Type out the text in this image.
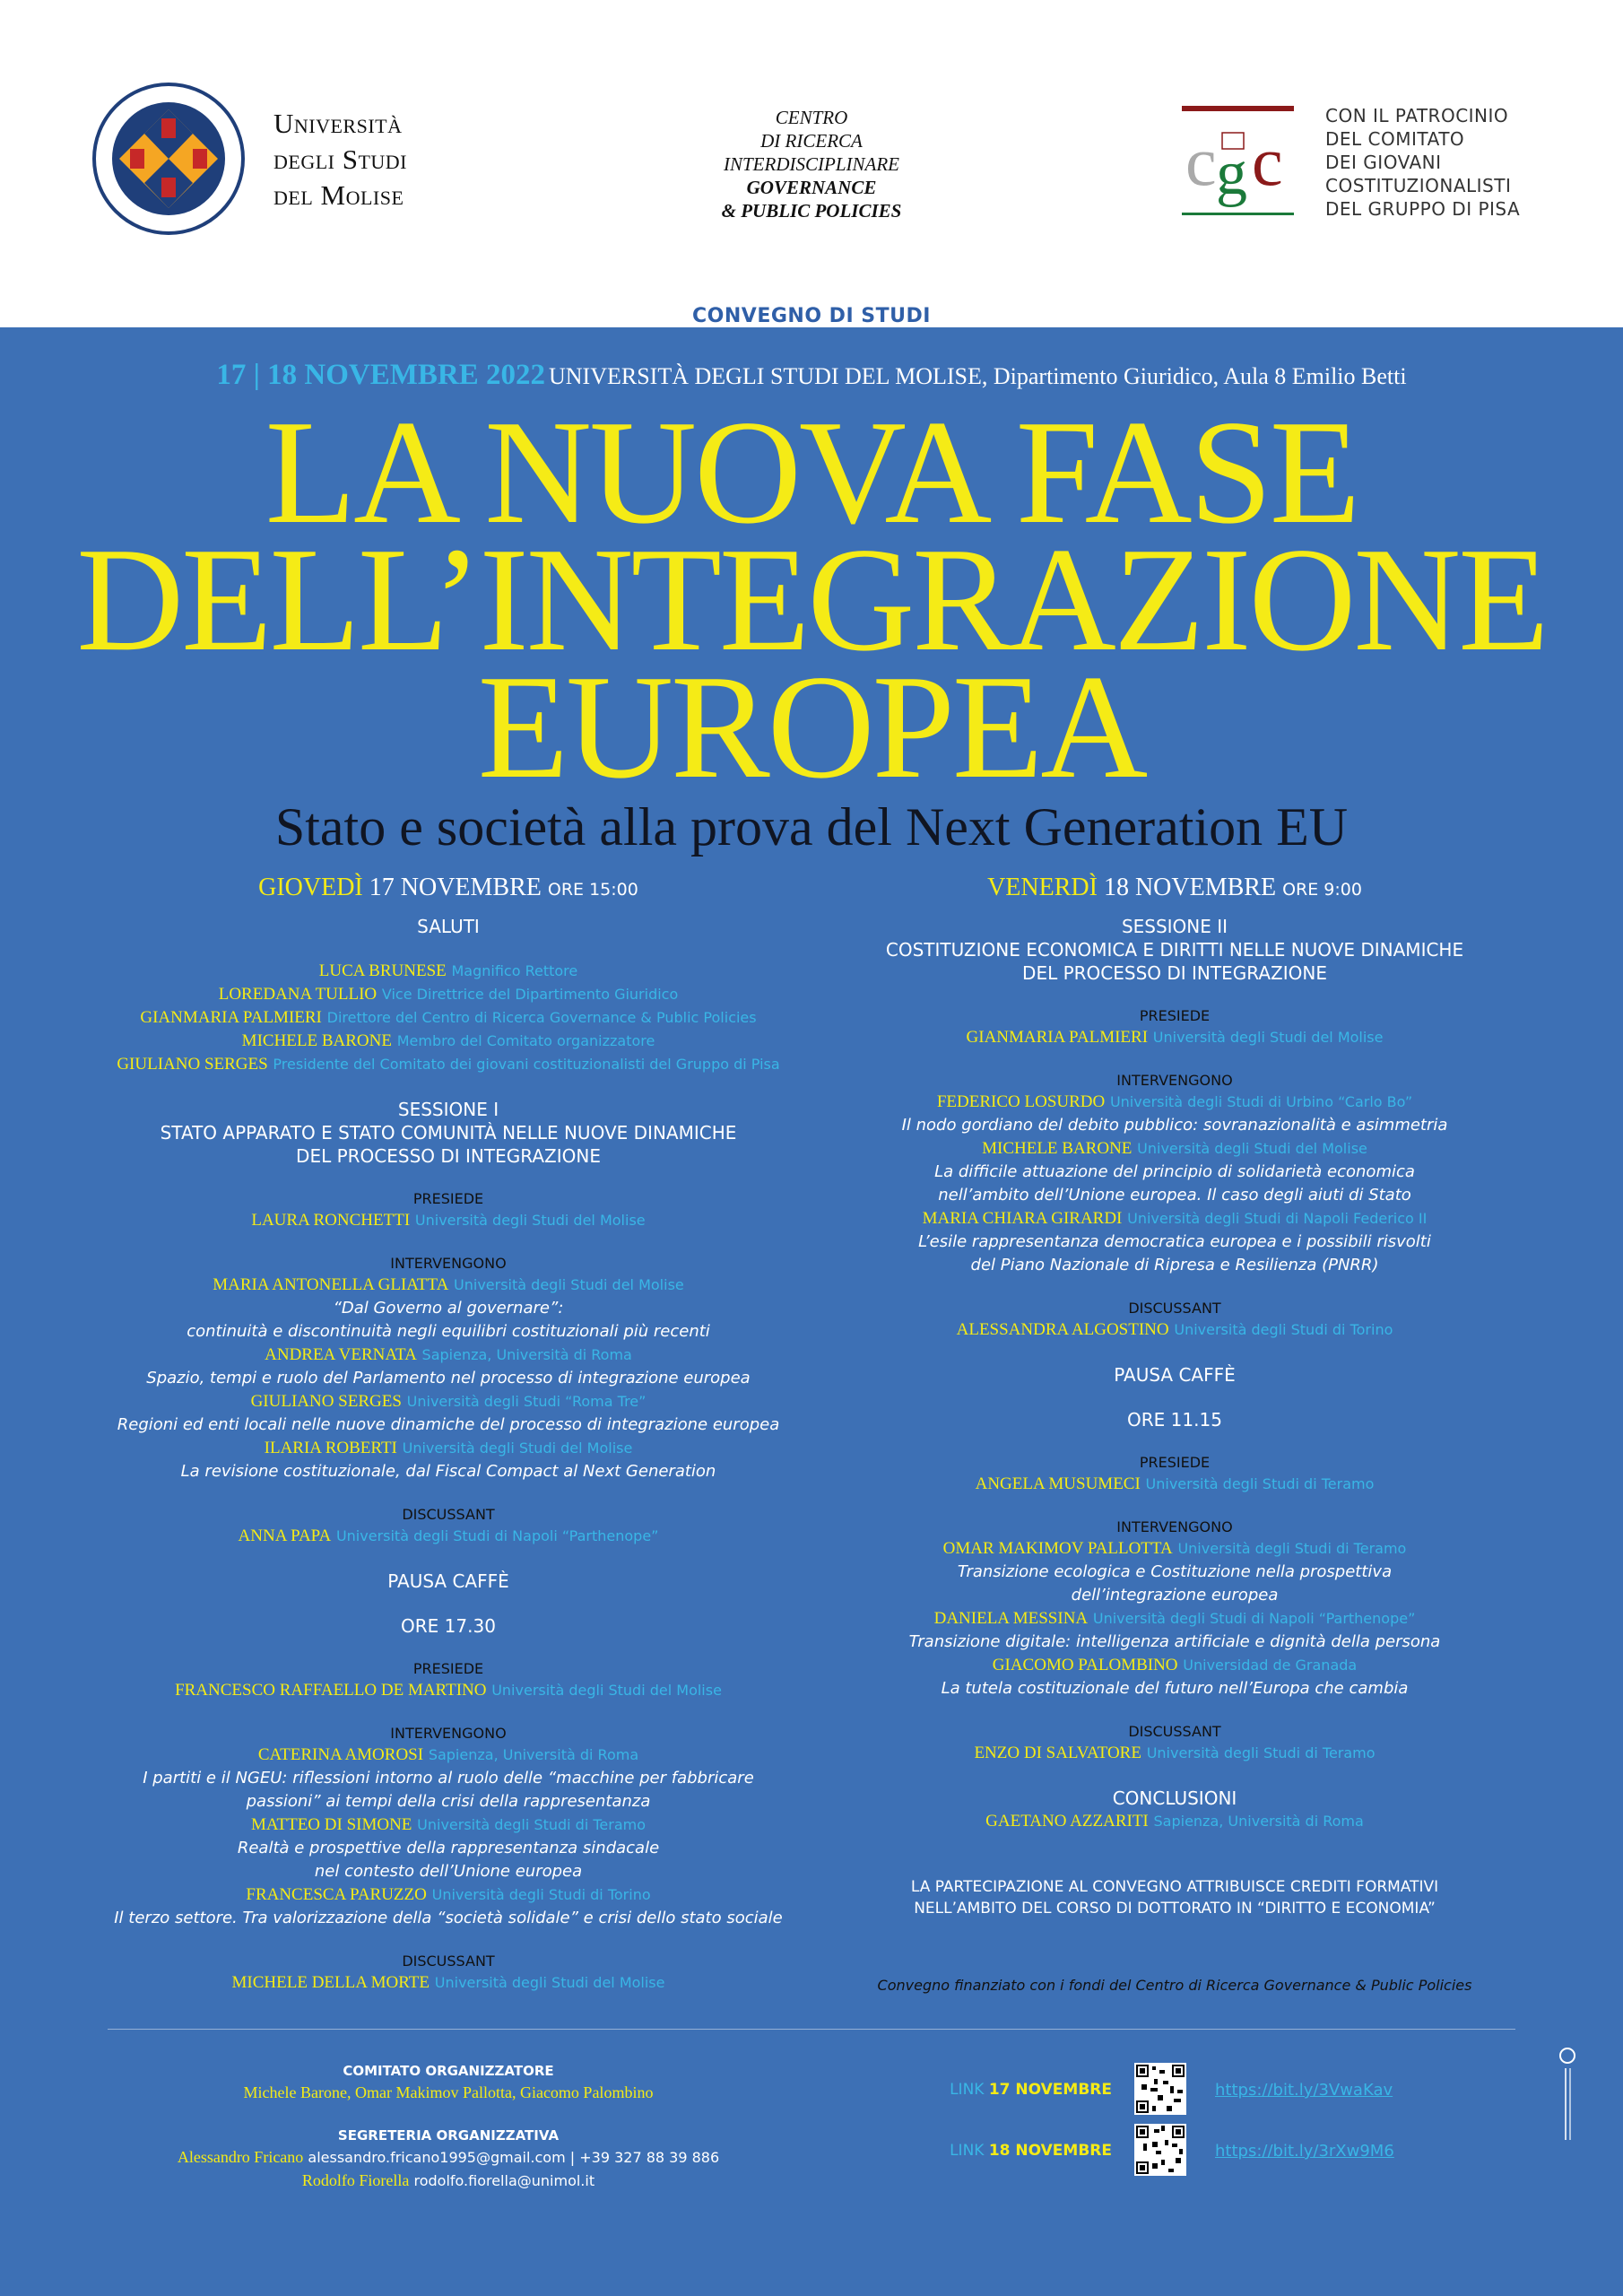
Università
degli Studi
del Molise
CENTRO
DI RICERCA
INTERDISCIPLINARE
GOVERNANCE
& PUBLIC POLICIES
c g c
CON IL PATROCINIO
DEL COMITATO
DEI GIOVANI
COSTITUZIONALISTI
DEL GRUPPO DI PISA
CONVEGNO DI STUDI
17 | 18 NOVEMBRE 2022 UNIVERSITÀ DEGLI STUDI DEL MOLISE, Dipartimento Giuridico, Aula 8 Emilio Betti
LA NUOVA FASE
DELL’INTEGRAZIONE
EUROPEA
Stato e società alla prova del Next Generation EU
GIOVEDÌ 17 NOVEMBRE ORE 15:00
SALUTI
LUCA BRUNESE Magnifico Rettore
LOREDANA TULLIO Vice Direttrice del Dipartimento Giuridico
GIANMARIA PALMIERI Direttore del Centro di Ricerca Governance & Public Policies
MICHELE BARONE Membro del Comitato organizzatore
GIULIANO SERGES Presidente del Comitato dei giovani costituzionalisti del Gruppo di Pisa
SESSIONE I
STATO APPARATO E STATO COMUNITÀ NELLE NUOVE DINAMICHE
DEL PROCESSO DI INTEGRAZIONE
PRESIEDE
LAURA RONCHETTI Università degli Studi del Molise
INTERVENGONO
MARIA ANTONELLA GLIATTA Università degli Studi del Molise
“Dal Governo al governare”:
continuità e discontinuità negli equilibri costituzionali più recenti
ANDREA VERNATA Sapienza, Università di Roma
Spazio, tempi e ruolo del Parlamento nel processo di integrazione europea
GIULIANO SERGES Università degli Studi “Roma Tre”
Regioni ed enti locali nelle nuove dinamiche del processo di integrazione europea
ILARIA ROBERTI Università degli Studi del Molise
La revisione costituzionale, dal Fiscal Compact al Next Generation
DISCUSSANT
ANNA PAPA Università degli Studi di Napoli “Parthenope”
PAUSA CAFFÈ
ORE 17.30
PRESIEDE
FRANCESCO RAFFAELLO DE MARTINO Università degli Studi del Molise
INTERVENGONO
CATERINA AMOROSI Sapienza, Università di Roma
I partiti e il NGEU: riflessioni intorno al ruolo delle “macchine per fabbricare
passioni” ai tempi della crisi della rappresentanza
MATTEO DI SIMONE Università degli Studi di Teramo
Realtà e prospettive della rappresentanza sindacale
nel contesto dell’Unione europea
FRANCESCA PARUZZO Università degli Studi di Torino
Il terzo settore. Tra valorizzazione della “società solidale” e crisi dello stato sociale
DISCUSSANT
MICHELE DELLA MORTE Università degli Studi del Molise
VENERDÌ 18 NOVEMBRE ORE 9:00
SESSIONE II
COSTITUZIONE ECONOMICA E DIRITTI NELLE NUOVE DINAMICHE
DEL PROCESSO DI INTEGRAZIONE
PRESIEDE
GIANMARIA PALMIERI Università degli Studi del Molise
INTERVENGONO
FEDERICO LOSURDO Università degli Studi di Urbino “Carlo Bo”
Il nodo gordiano del debito pubblico: sovranazionalità e asimmetria
MICHELE BARONE Università degli Studi del Molise
La difficile attuazione del principio di solidarietà economica
nell’ambito dell’Unione europea. Il caso degli aiuti di Stato
MARIA CHIARA GIRARDI Università degli Studi di Napoli Federico II
L’esile rappresentanza democratica europea e i possibili risvolti
del Piano Nazionale di Ripresa e Resilienza (PNRR)
DISCUSSANT
ALESSANDRA ALGOSTINO Università degli Studi di Torino
PAUSA CAFFÈ
ORE 11.15
PRESIEDE
ANGELA MUSUMECI Università degli Studi di Teramo
INTERVENGONO
OMAR MAKIMOV PALLOTTA Università degli Studi di Teramo
Transizione ecologica e Costituzione nella prospettiva
dell’integrazione europea
DANIELA MESSINA Università degli Studi di Napoli “Parthenope”
Transizione digitale: intelligenza artificiale e dignità della persona
GIACOMO PALOMBINO Universidad de Granada
La tutela costituzionale del futuro nell’Europa che cambia
DISCUSSANT
ENZO DI SALVATORE Università degli Studi di Teramo
CONCLUSIONI
GAETANO AZZARITI Sapienza, Università di Roma
LA PARTECIPAZIONE AL CONVEGNO ATTRIBUISCE CREDITI FORMATIVI
NELL’AMBITO DEL CORSO DI DOTTORATO IN “DIRITTO E ECONOMIA”
Convegno finanziato con i fondi del Centro di Ricerca Governance & Public Policies
COMITATO ORGANIZZATORE
Michele Barone, Omar Makimov Pallotta, Giacomo Palombino
SEGRETERIA ORGANIZZATIVA
Alessandro Fricano alessandro.fricano1995@gmail.com | +39 327 88 39 886
Rodolfo Fiorella rodolfo.fiorella@unimol.it
LINK 17 NOVEMBRE	https://bit.ly/3VwaKav
LINK 18 NOVEMBRE	https://bit.ly/3rXw9M6
